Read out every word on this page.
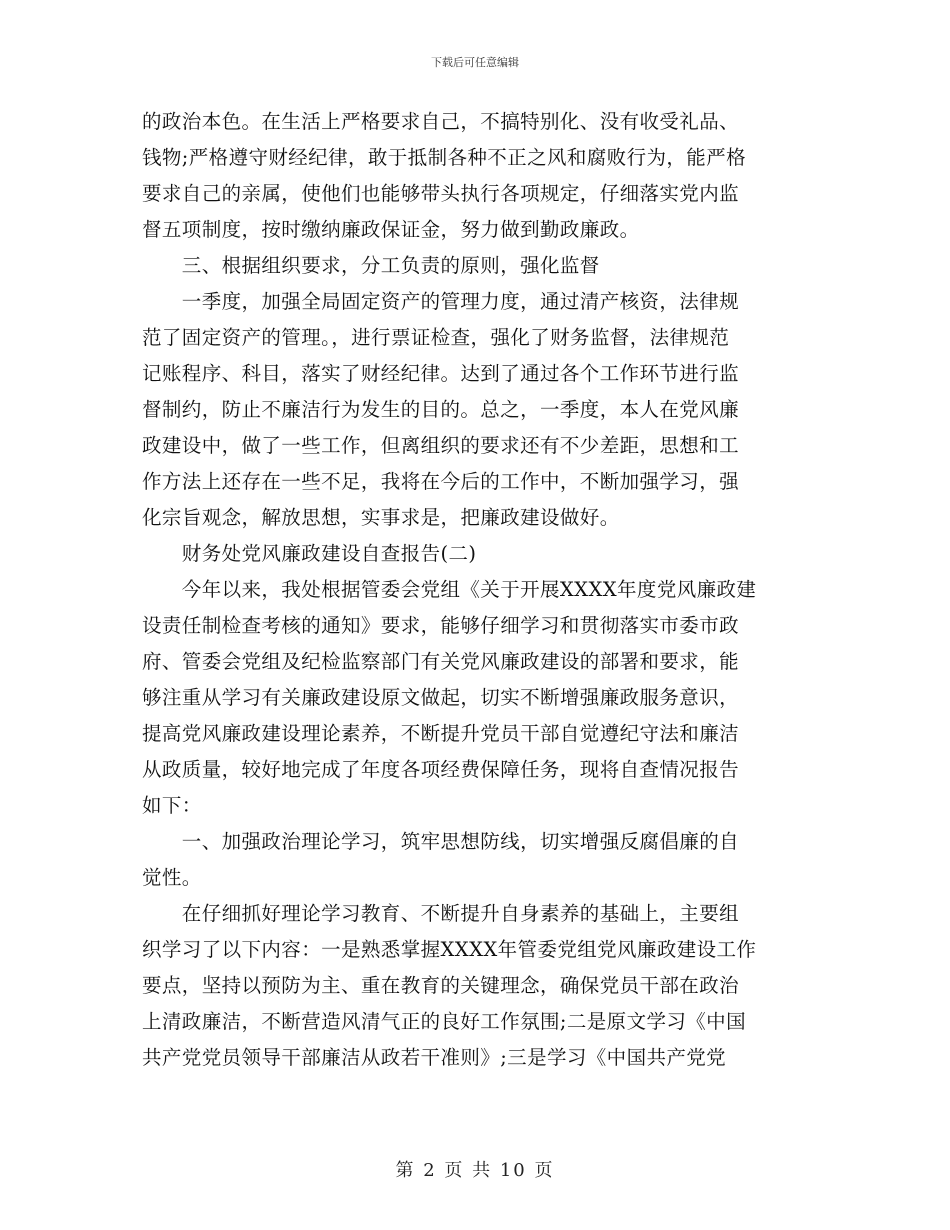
下载后可任意编辑
的政治本色。在生活上严格要求自己，不搞特别化、没有收受礼品、
钱物;严格遵守财经纪律，敢于抵制各种不正之风和腐败行为，能严格
要求自己的亲属，使他们也能够带头执行各项规定，仔细落实党内监
督五项制度，按时缴纳廉政保证金，努力做到勤政廉政。
　　三、根据组织要求，分工负责的原则，强化监督
　　一季度，加强全局固定资产的管理力度，通过清产核资，法律规
范了固定资产的管理。，进行票证检查，强化了财务监督，法律规范
记账程序、科目，落实了财经纪律。达到了通过各个工作环节进行监
督制约，防止不廉洁行为发生的目的。总之，一季度，本人在党风廉
政建设中，做了一些工作，但离组织的要求还有不少差距，思想和工
作方法上还存在一些不足，我将在今后的工作中，不断加强学习，强
化宗旨观念，解放思想，实事求是，把廉政建设做好。
　　财务处党风廉政建设自查报告(二)
　　今年以来，我处根据管委会党组《关于开展XXXX年度党风廉政建
设责任制检查考核的通知》要求，能够仔细学习和贯彻落实市委市政
府、管委会党组及纪检监察部门有关党风廉政建设的部署和要求，能
够注重从学习有关廉政建设原文做起，切实不断增强廉政服务意识，
提高党风廉政建设理论素养，不断提升党员干部自觉遵纪守法和廉洁
从政质量，较好地完成了年度各项经费保障任务，现将自查情况报告
如下：
　　一、加强政治理论学习，筑牢思想防线，切实增强反腐倡廉的自
觉性。
　　在仔细抓好理论学习教育、不断提升自身素养的基础上，主要组
织学习了以下内容：一是熟悉掌握XXXX年管委党组党风廉政建设工作
要点，坚持以预防为主、重在教育的关键理念，确保党员干部在政治
上清政廉洁，不断营造风清气正的良好工作氛围;二是原文学习《中国
共产党党员领导干部廉洁从政若干准则》;三是学习《中国共产党党
第 2 页 共 10 页
